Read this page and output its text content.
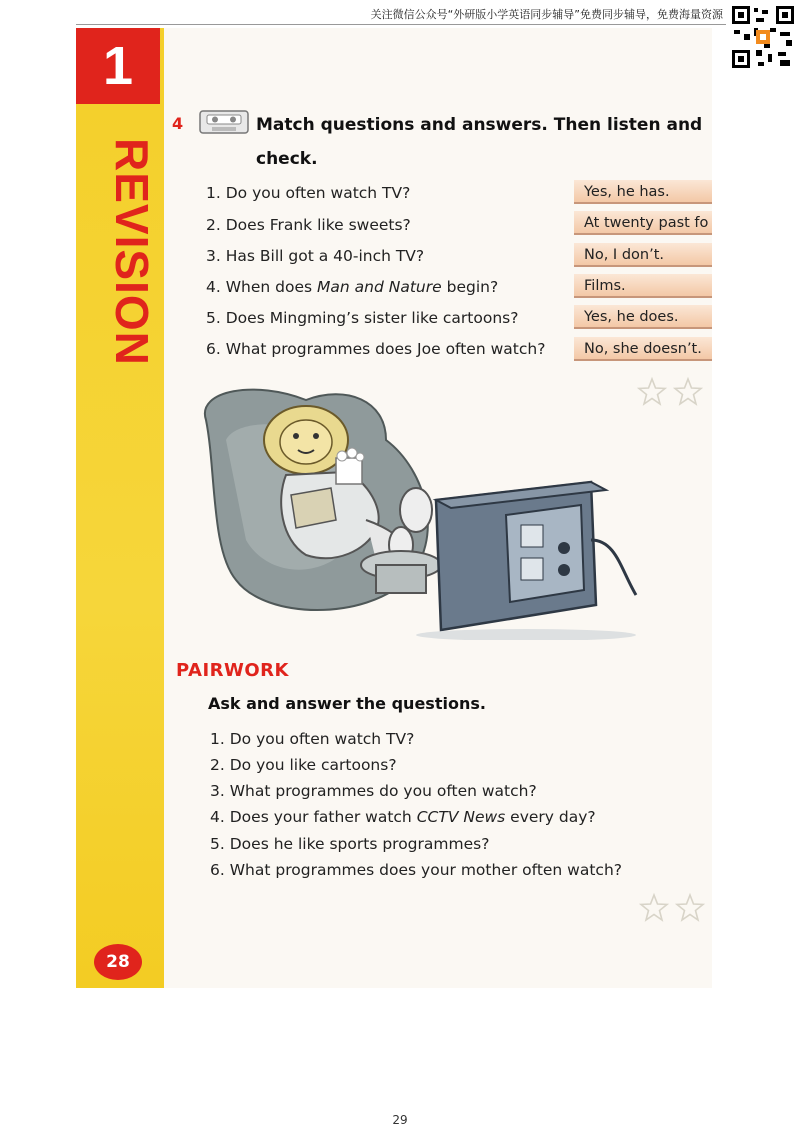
关注微信公众号“外研版小学英语同步辅导”免费同步辅导，免费海量资源
1
REVISION
28
4	Match questions and answers. Then listen and check.
1. Do you often watch TV?
2. Does Frank like sweets?
3. Has Bill got a 40-inch TV?
4. When does Man and Nature begin?
5. Does Mingming’s sister like cartoons?
6. What programmes does Joe often watch?
Yes, he has.
At twenty past fo
No, I don’t.
Films.
Yes, he does.
No, she doesn’t.
PAIRWORK
Ask and answer the questions.
1. Do you often watch TV?
2. Do you like cartoons?
3. What programmes do you often watch?
4. Does your father watch CCTV News every day?
5. Does he like sports programmes?
6. What programmes does your mother often watch?
29
